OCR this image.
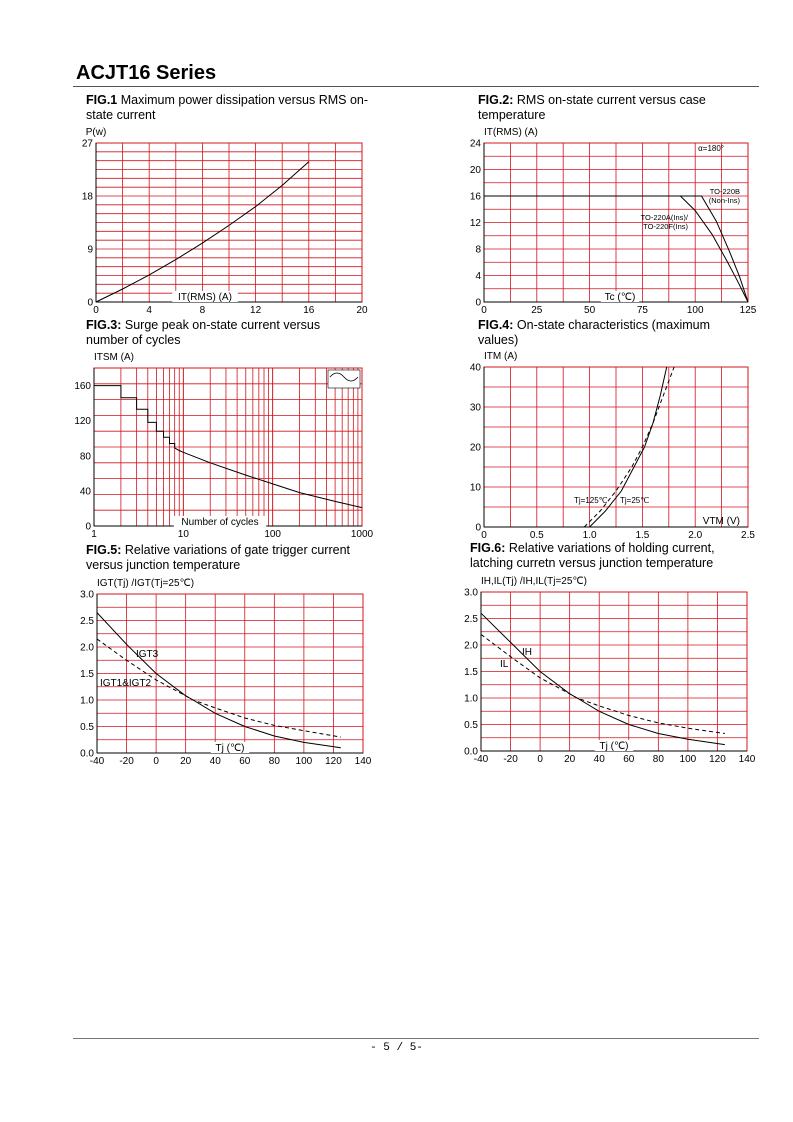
ACJT16 Series
FIG.1 Maximum power dissipation versus RMS on-state current
FIG.2: RMS on-state current versus case temperature
FIG.3: Surge peak on-state current versus number of cycles
FIG.4: On-state characteristics (maximum values)
FIG.5: Relative variations of gate trigger current versus junction temperature
FIG.6: Relative variations of holding current, latching curretn versus junction temperature
0	4	8	12	16	20
0
9
18
27
P(w)
IT(RMS) (A)
0	25	50	75	100	125
0
4
8
12
16
20
24
IT(RMS) (A)
Tc (℃)
α=180°
TO-220B
(Non-Ins)
TO-220A(Ins)/
TO-220F(Ins)
1	10	100	1000
0
40
80
120
160
ITSM (A)
Number of cycles
0	0.5	1.0	1.5	2.0	2.5
0
10
20
30
40
ITM (A)
VTM (V)
Tj=125℃ Tj=25℃
-40 -20 0 20 40 60 80 100 120 140
0.0
0.5
1.0
1.5
2.0
2.5
3.0
IGT(Tj) /IGT(Tj=25℃)
Tj (℃)
IGT3
IGT1&IGT2
-40 -20 0 20 40 60 80 100 120 140
0.0
0.5
1.0
1.5
2.0
2.5
3.0
IH,IL(Tj) /IH,IL(Tj=25℃)
Tj (℃)
IH
IL
- 5 / 5-
